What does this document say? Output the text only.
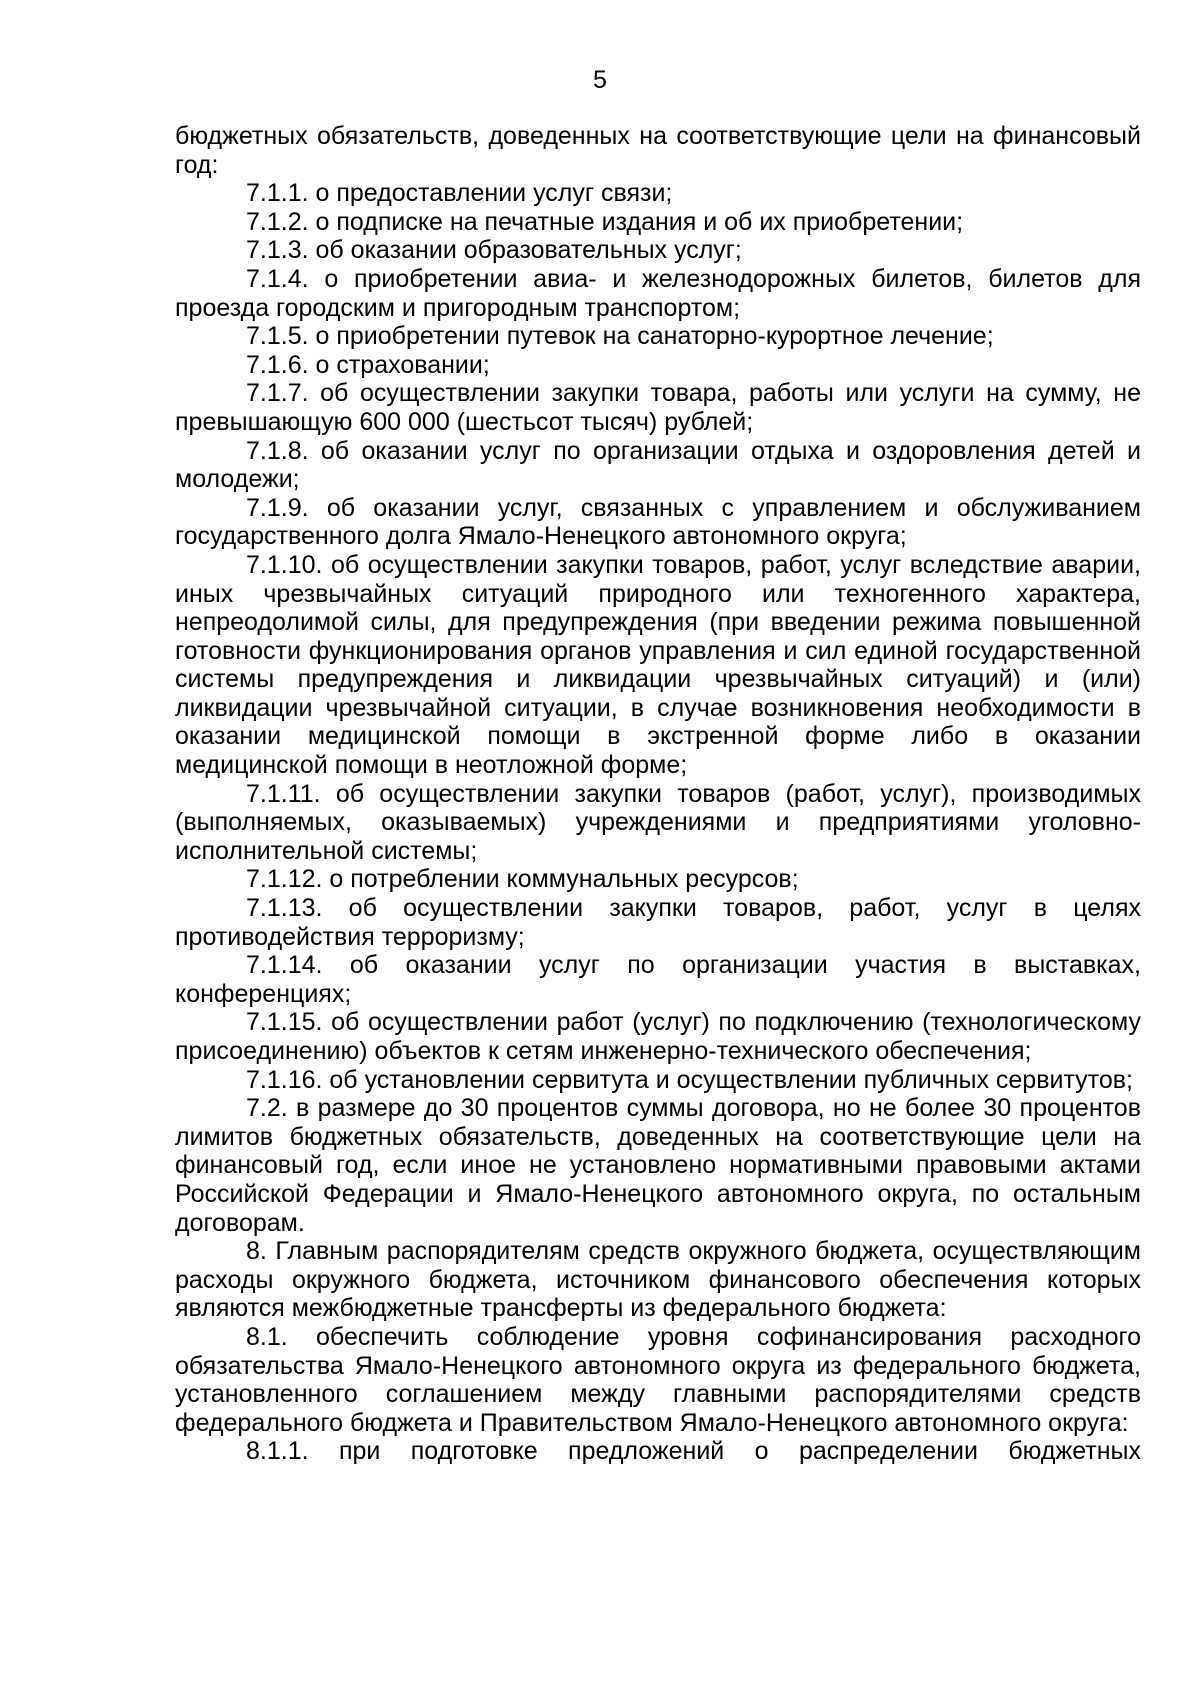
5

бюджетных обязательств, доведенных на соответствующие цели на финансовый год:

7.1.1. о предоставлении услуг связи;

7.1.2. о подписке на печатные издания и об их приобретении;

7.1.3. об оказании образовательных услуг;

7.1.4. о приобретении авиа- и железнодорожных билетов, билетов для проезда городским и пригородным транспортом;

7.1.5. о приобретении путевок на санаторно-курортное лечение;

7.1.6. о страховании;

7.1.7. об осуществлении закупки товара, работы или услуги на сумму, не превышающую 600 000 (шестьсот тысяч) рублей;

7.1.8. об оказании услуг по организации отдыха и оздоровления детей и молодежи;

7.1.9. об оказании услуг, связанных с управлением и обслуживанием государственного долга Ямало-Ненецкого автономного округа;

7.1.10. об осуществлении закупки товаров, работ, услуг вследствие аварии, иных чрезвычайных ситуаций природного или техногенного характера, непреодолимой силы, для предупреждения (при введении режима повышенной готовности функционирования органов управления и сил единой государственной системы предупреждения и ликвидации чрезвычайных ситуаций) и (или) ликвидации чрезвычайной ситуации, в случае возникновения необходимости в оказании медицинской помощи в экстренной форме либо в оказании медицинской помощи в неотложной форме;

7.1.11. об осуществлении закупки товаров (работ, услуг), производимых (выполняемых, оказываемых) учреждениями и предприятиями уголовно-исполнительной системы;

7.1.12. о потреблении коммунальных ресурсов;

7.1.13. об осуществлении закупки товаров, работ, услуг в целях противодействия терроризму;

7.1.14. об оказании услуг по организации участия в выставках, конференциях;

7.1.15. об осуществлении работ (услуг) по подключению (технологическому присоединению) объектов к сетям инженерно-технического обеспечения;

7.1.16. об установлении сервитута и осуществлении публичных сервитутов;

7.2. в размере до 30 процентов суммы договора, но не более 30 процентов лимитов бюджетных обязательств, доведенных на соответствующие цели на финансовый год, если иное не установлено нормативными правовыми актами Российской Федерации и Ямало-Ненецкого автономного округа, по остальным договорам.

8. Главным распорядителям средств окружного бюджета, осуществляющим расходы окружного бюджета, источником финансового обеспечения которых являются межбюджетные трансферты из федерального бюджета:

8.1. обеспечить соблюдение уровня софинансирования расходного обязательства Ямало-Ненецкого автономного округа из федерального бюджета, установленного соглашением между главными распорядителями средств федерального бюджета и Правительством Ямало-Ненецкого автономного округа:

8.1.1. при подготовке предложений о распределении бюджетных
